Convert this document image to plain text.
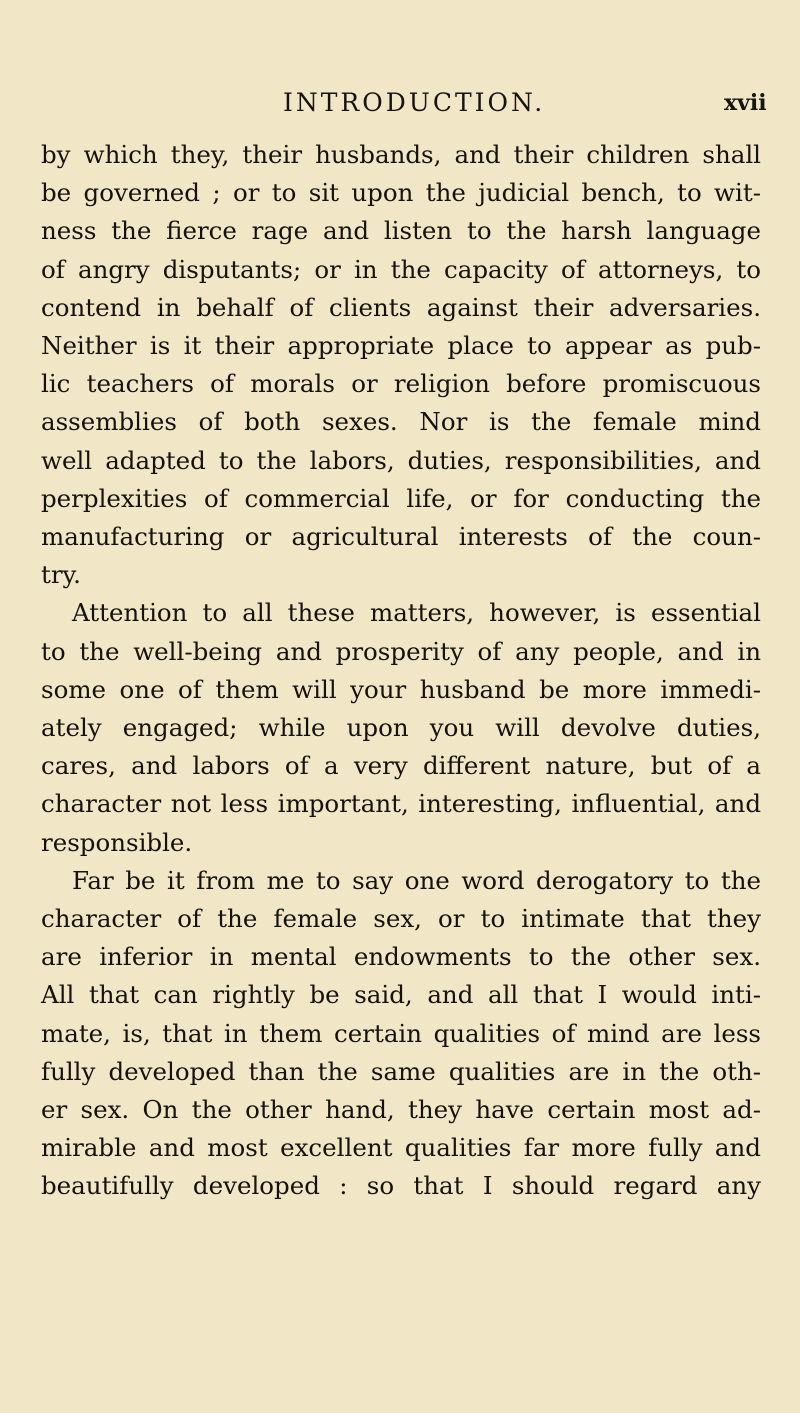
INTRODUCTION.	xvii
by which they, their husbands, and their children shall
be governed ; or to sit upon the judicial bench, to wit-
ness the fierce rage and listen to the harsh language
of angry disputants; or in the capacity of attorneys, to
contend in behalf of clients against their adversaries.
Neither is it their appropriate place to appear as pub-
lic teachers of morals or religion before promiscuous
assemblies of both sexes. Nor is the female mind
well adapted to the labors, duties, responsibilities, and
perplexities of commercial life, or for conducting the
manufacturing or agricultural interests of the coun-
try.
Attention to all these matters, however, is essential
to the well-being and prosperity of any people, and in
some one of them will your husband be more immedi-
ately engaged; while upon you will devolve duties,
cares, and labors of a very different nature, but of a
character not less important, interesting, influential, and
responsible.
Far be it from me to say one word derogatory to the
character of the female sex, or to intimate that they
are inferior in mental endowments to the other sex.
All that can rightly be said, and all that I would inti-
mate, is, that in them certain qualities of mind are less
fully developed than the same qualities are in the oth-
er sex. On the other hand, they have certain most ad-
mirable and most excellent qualities far more fully and
beautifully developed : so that I should regard any
